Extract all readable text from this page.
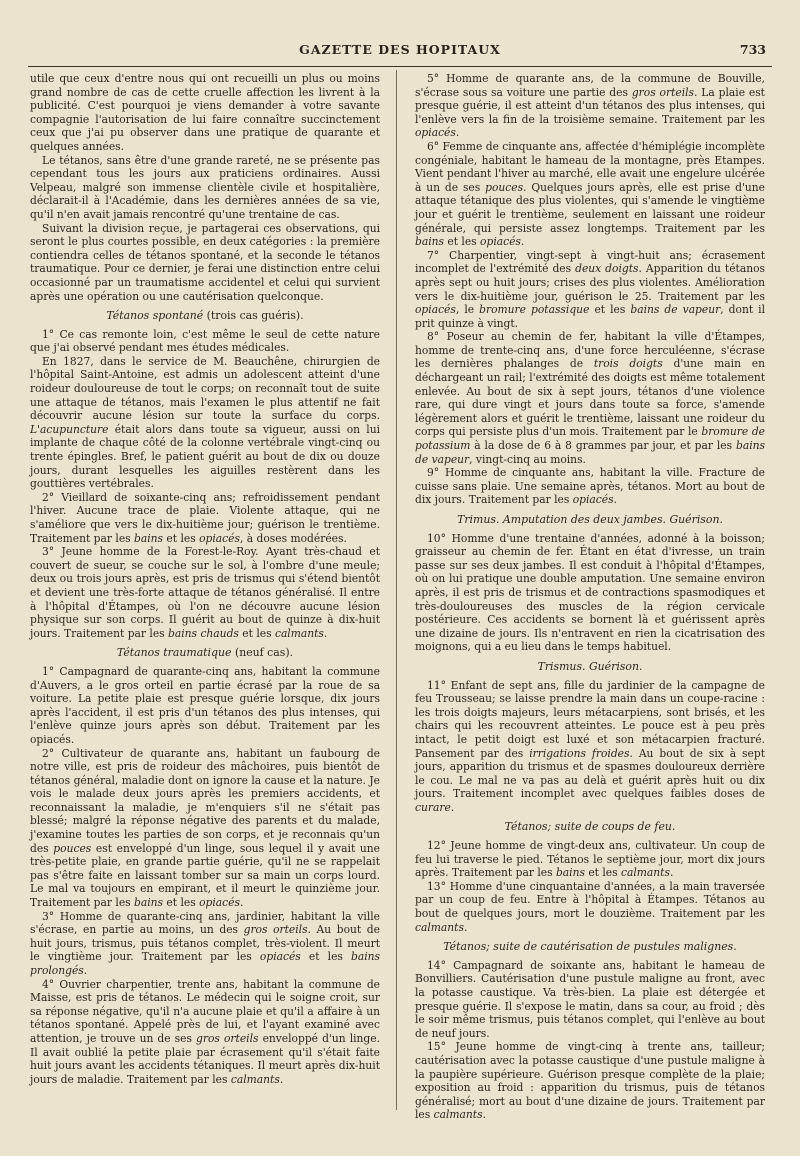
GAZETTE DES HOPITAUX	733

utile que ceux d'entre nous qui ont recueilli un plus ou moins grand nombre de cas de cette cruelle affection les livrent à la publicité. C'est pourquoi je viens demander à votre savante compagnie l'autorisation de lui faire connaître succinctement ceux que j'ai pu observer dans une pratique de quarante et quelques années.

Le tétanos, sans être d'une grande rareté, ne se présente pas cependant tous les jours aux praticiens ordinaires. Aussi Velpeau, malgré son immense clientèle civile et hospitalière, déclarait-il à l'Académie, dans les dernières années de sa vie, qu'il n'en avait jamais rencontré qu'une trentaine de cas.

Suivant la division reçue, je partagerai ces observations, qui seront le plus courtes possible, en deux catégories : la première contiendra celles de tétanos spontané, et la seconde le tétanos traumatique. Pour ce dernier, je ferai une distinction entre celui occasionné par un traumatisme accidentel et celui qui survient après une opération ou une cautérisation quelconque.

Tétanos spontané (trois cas guéris).

1° Ce cas remonte loin, c'est même le seul de cette nature que j'ai observé pendant mes études médicales.

En 1827, dans le service de M. Beauchêne, chirurgien de l'hôpital Saint-Antoine, est admis un adolescent atteint d'une roideur douloureuse de tout le corps; on reconnaît tout de suite une attaque de tétanos, mais l'examen le plus attentif ne fait découvrir aucune lésion sur toute la surface du corps. L'acupuncture était alors dans toute sa vigueur, aussi on lui implante de chaque côté de la colonne vertébrale vingt-cinq ou trente épingles. Bref, le patient guérit au bout de dix ou douze jours, durant lesquelles les aiguilles restèrent dans les gouttières vertébrales.

2° Vieillard de soixante-cinq ans; refroidissement pendant l'hiver. Aucune trace de plaie. Violente attaque, qui ne s'améliore que vers le dix-huitième jour; guérison le trentième. Traitement par les bains et les opiacés, à doses modérées.

3° Jeune homme de la Forest-le-Roy. Ayant très-chaud et couvert de sueur, se couche sur le sol, à l'ombre d'une meule; deux ou trois jours après, est pris de trismus qui s'étend bientôt et devient une très-forte attaque de tétanos généralisé. Il entre à l'hôpital d'Étampes, où l'on ne découvre aucune lésion physique sur son corps. Il guérit au bout de quinze à dix-huit jours. Traitement par les bains chauds et les calmants.

Tétanos traumatique (neuf cas).

1° Campagnard de quarante-cinq ans, habitant la commune d'Auvers, a le gros orteil en partie écrasé par la roue de sa voiture. La petite plaie est presque guérie lorsque, dix jours après l'accident, il est pris d'un tétanos des plus intenses, qui l'enlève quinze jours après son début. Traitement par les opiacés.

2° Cultivateur de quarante ans, habitant un faubourg de notre ville, est pris de roideur des mâchoires, puis bientôt de tétanos général, maladie dont on ignore la cause et la nature. Je vois le malade deux jours après les premiers accidents, et reconnaissant la maladie, je m'enquiers s'il ne s'était pas blessé; malgré la réponse négative des parents et du malade, j'examine toutes les parties de son corps, et je reconnais qu'un des pouces est enveloppé d'un linge, sous lequel il y avait une très-petite plaie, en grande partie guérie, qu'il ne se rappelait pas s'être faite en laissant tomber sur sa main un corps lourd. Le mal va toujours en empirant, et il meurt le quinzième jour. Traitement par les bains et les opiacés.

3° Homme de quarante-cinq ans, jardinier, habitant la ville s'écrase, en partie au moins, un des gros orteils. Au bout de huit jours, trismus, puis tétanos complet, très-violent. Il meurt le vingtième jour. Traitement par les opiacés et les bains prolongés.

4° Ouvrier charpentier, trente ans, habitant la commune de Maisse, est pris de tétanos. Le médecin qui le soigne croit, sur sa réponse négative, qu'il n'a aucune plaie et qu'il a affaire à un tétanos spontané. Appelé près de lui, et l'ayant examiné avec attention, je trouve un de ses gros orteils enveloppé d'un linge. Il avait oublié la petite plaie par écrasement qu'il s'était faite huit jours avant les accidents tétaniques. Il meurt après dix-huit jours de maladie. Traitement par les calmants.

5° Homme de quarante ans, de la commune de Bouville, s'écrase sous sa voiture une partie des gros orteils. La plaie est presque guérie, il est atteint d'un tétanos des plus intenses, qui l'enlève vers la fin de la troisième semaine. Traitement par les opiacés.

6° Femme de cinquante ans, affectée d'hémiplégie incomplète congéniale, habitant le hameau de la montagne, près Etampes. Vient pendant l'hiver au marché, elle avait une engelure ulcérée à un de ses pouces. Quelques jours après, elle est prise d'une attaque tétanique des plus violentes, qui s'amende le vingtième jour et guérit le trentième, seulement en laissant une roideur générale, qui persiste assez longtemps. Traitement par les bains et les opiacés.

7° Charpentier, vingt-sept à vingt-huit ans; écrasement incomplet de l'extrémité des deux doigts. Apparition du tétanos après sept ou huit jours; crises des plus violentes. Amélioration vers le dix-huitième jour, guérison le 25. Traitement par les opiacés, le bromure potassique et les bains de vapeur, dont il prit quinze à vingt.

8° Poseur au chemin de fer, habitant la ville d'Étampes, homme de trente-cinq ans, d'une force herculéenne, s'écrase les dernières phalanges de trois doigts d'une main en déchargeant un rail; l'extrémité des doigts est même totalement enlevée. Au bout de six à sept jours, tétanos d'une violence rare, qui dure vingt et jours dans toute sa force, s'amende légèrement alors et guérit le trentième, laissant une roideur du corps qui persiste plus d'un mois. Traitement par le bromure de potassium à la dose de 6 à 8 grammes par jour, et par les bains de vapeur, vingt-cinq au moins.

9° Homme de cinquante ans, habitant la ville. Fracture de cuisse sans plaie. Une semaine après, tétanos. Mort au bout de dix jours. Traitement par les opiacés.

Trimus. Amputation des deux jambes. Guérison.

10° Homme d'une trentaine d'années, adonné à la boisson; graisseur au chemin de fer. Étant en état d'ivresse, un train passe sur ses deux jambes. Il est conduit à l'hôpital d'Étampes, où on lui pratique une double amputation. Une semaine environ après, il est pris de trismus et de contractions spasmodiques et très-douloureuses des muscles de la région cervicale postérieure. Ces accidents se bornent là et guérissent après une dizaine de jours. Ils n'entravent en rien la cicatrisation des moignons, qui a eu lieu dans le temps habituel.

Trismus. Guérison.

11° Enfant de sept ans, fille du jardinier de la campagne de feu Trousseau; se laisse prendre la main dans un coupe-racine : les trois doigts majeurs, leurs métacarpiens, sont brisés, et les chairs qui les recouvrent atteintes. Le pouce est à peu près intact, le petit doigt est luxé et son métacarpien fracturé. Pansement par des irrigations froides. Au bout de six à sept jours, apparition du trismus et de spasmes douloureux derrière le cou. Le mal ne va pas au delà et guérit après huit ou dix jours. Traitement incomplet avec quelques faibles doses de curare.

Tétanos; suite de coups de feu.

12° Jeune homme de vingt-deux ans, cultivateur. Un coup de feu lui traverse le pied. Tétanos le septième jour, mort dix jours après. Traitement par les bains et les calmants.

13° Homme d'une cinquantaine d'années, a la main traversée par un coup de feu. Entre à l'hôpital à Étampes. Tétanos au bout de quelques jours, mort le douzième. Traitement par les calmants.

Tétanos; suite de cautérisation de pustules malignes.

14° Campagnard de soixante ans, habitant le hameau de Bonvilliers. Cautérisation d'une pustule maligne au front, avec la potasse caustique. Va très-bien. La plaie est détergée et presque guérie. Il s'expose le matin, dans sa cour, au froid ; dès le soir même trismus, puis tétanos complet, qui l'enlève au bout de neuf jours.

15° Jeune homme de vingt-cinq à trente ans, tailleur; cautérisation avec la potasse caustique d'une pustule maligne à la paupière supérieure. Guérison presque complète de la plaie; exposition au froid : apparition du trismus, puis de tétanos généralisé; mort au bout d'une dizaine de jours. Traitement par les calmants.
